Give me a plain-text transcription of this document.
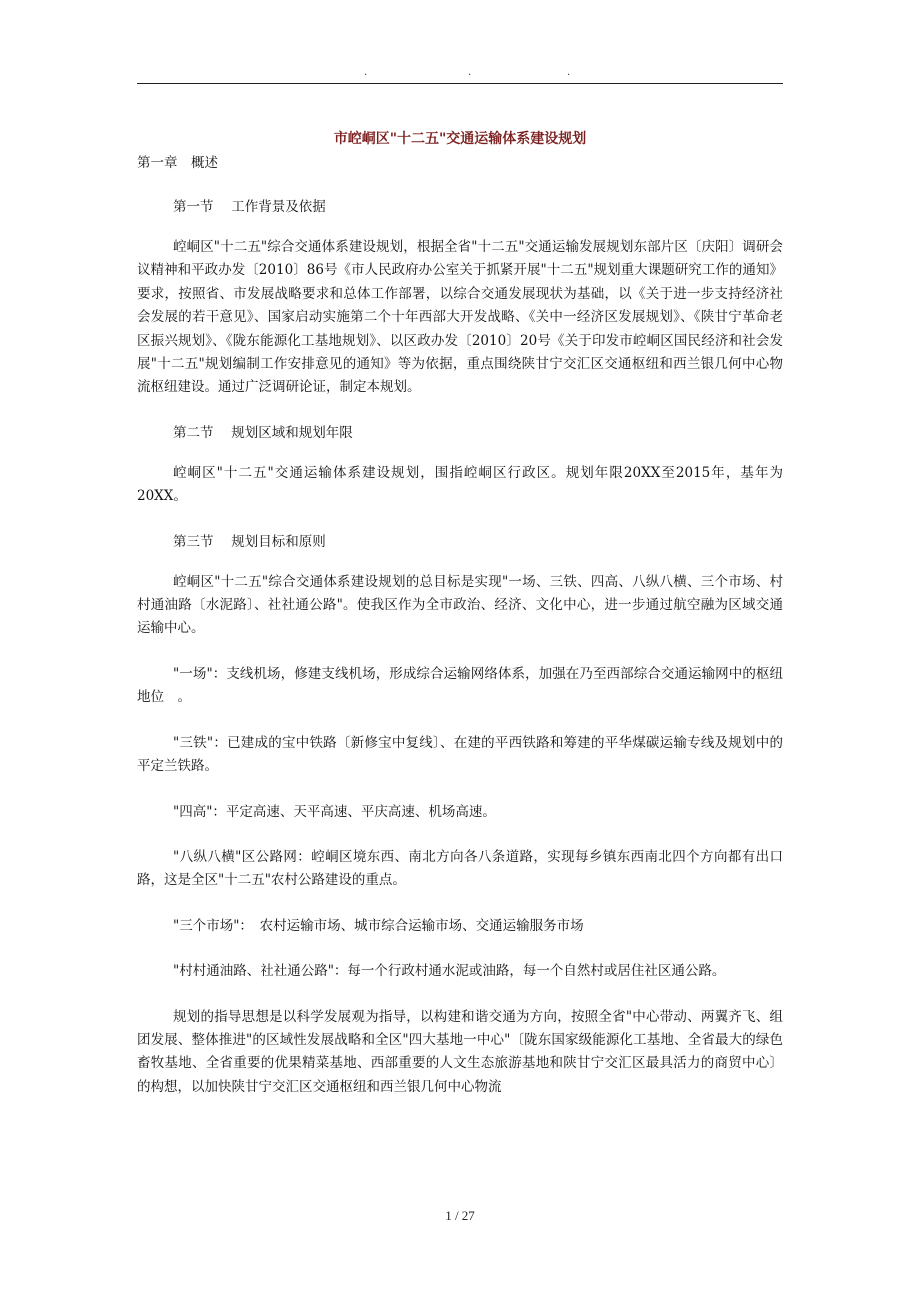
.	.	.
市崆峒区"十二五"交通运输体系建设规划
第一章　概述
第一节　 工作背景及依据

崆峒区"十二五"综合交通体系建设规划，根据全省"十二五"交通运输发展规划东部片区〔庆阳〕调研会议精神和平政办发〔2010〕86号《市人民政府办公室关于抓紧开展"十二五"规划重大课题研究工作的通知》要求，按照省、市发展战略要求和总体工作部署，以综合交通发展现状为基础，以《关于进一步支持经济社会发展的若干意见》、国家启动实施第二个十年西部大开发战略、《关中一经济区发展规划》、《陕甘宁革命老区振兴规划》、《陇东能源化工基地规划》、以区政办发〔2010〕20号《关于印发市崆峒区国民经济和社会发展"十二五"规划编制工作安排意见的通知》等为依据，重点围绕陕甘宁交汇区交通枢纽和西兰银几何中心物流枢纽建设。通过广泛调研论证，制定本规划。

第二节　 规划区域和规划年限

崆峒区"十二五"交通运输体系建设规划，围指崆峒区行政区。规划年限20XX至2015年，基年为20XX。

第三节　 规划目标和原则

崆峒区"十二五"综合交通体系建设规划的总目标是实现"一场、三铁、四高、八纵八横、三个市场、村村通油路〔水泥路〕、社社通公路"。使我区作为全市政治、经济、文化中心，进一步通过航空融为区域交通运输中心。

"一场"：支线机场，修建支线机场，形成综合运输网络体系，加强在乃至西部综合交通运输网中的枢纽地位　。

"三铁"：已建成的宝中铁路〔新修宝中复线〕、在建的平西铁路和筹建的平华煤碳运输专线及规划中的平定兰铁路。

"四高"：平定高速、天平高速、平庆高速、机场高速。

"八纵八横"区公路网：崆峒区境东西、南北方向各八条道路，实现每乡镇东西南北四个方向都有出口路，这是全区"十二五"农村公路建设的重点。

"三个市场"：　农村运输市场、城市综合运输市场、交通运输服务市场

"村村通油路、社社通公路"：每一个行政村通水泥或油路，每一个自然村或居住社区通公路。

规划的指导思想是以科学发展观为指导，以构建和谐交通为方向，按照全省"中心带动、两翼齐飞、组团发展、整体推进"的区域性发展战略和全区"四大基地一中心"〔陇东国家级能源化工基地、全省最大的绿色畜牧基地、全省重要的优果精菜基地、西部重要的人文生态旅游基地和陕甘宁交汇区最具活力的商贸中心〕的构想，以加快陕甘宁交汇区交通枢纽和西兰银几何中心物流

1 / 27
